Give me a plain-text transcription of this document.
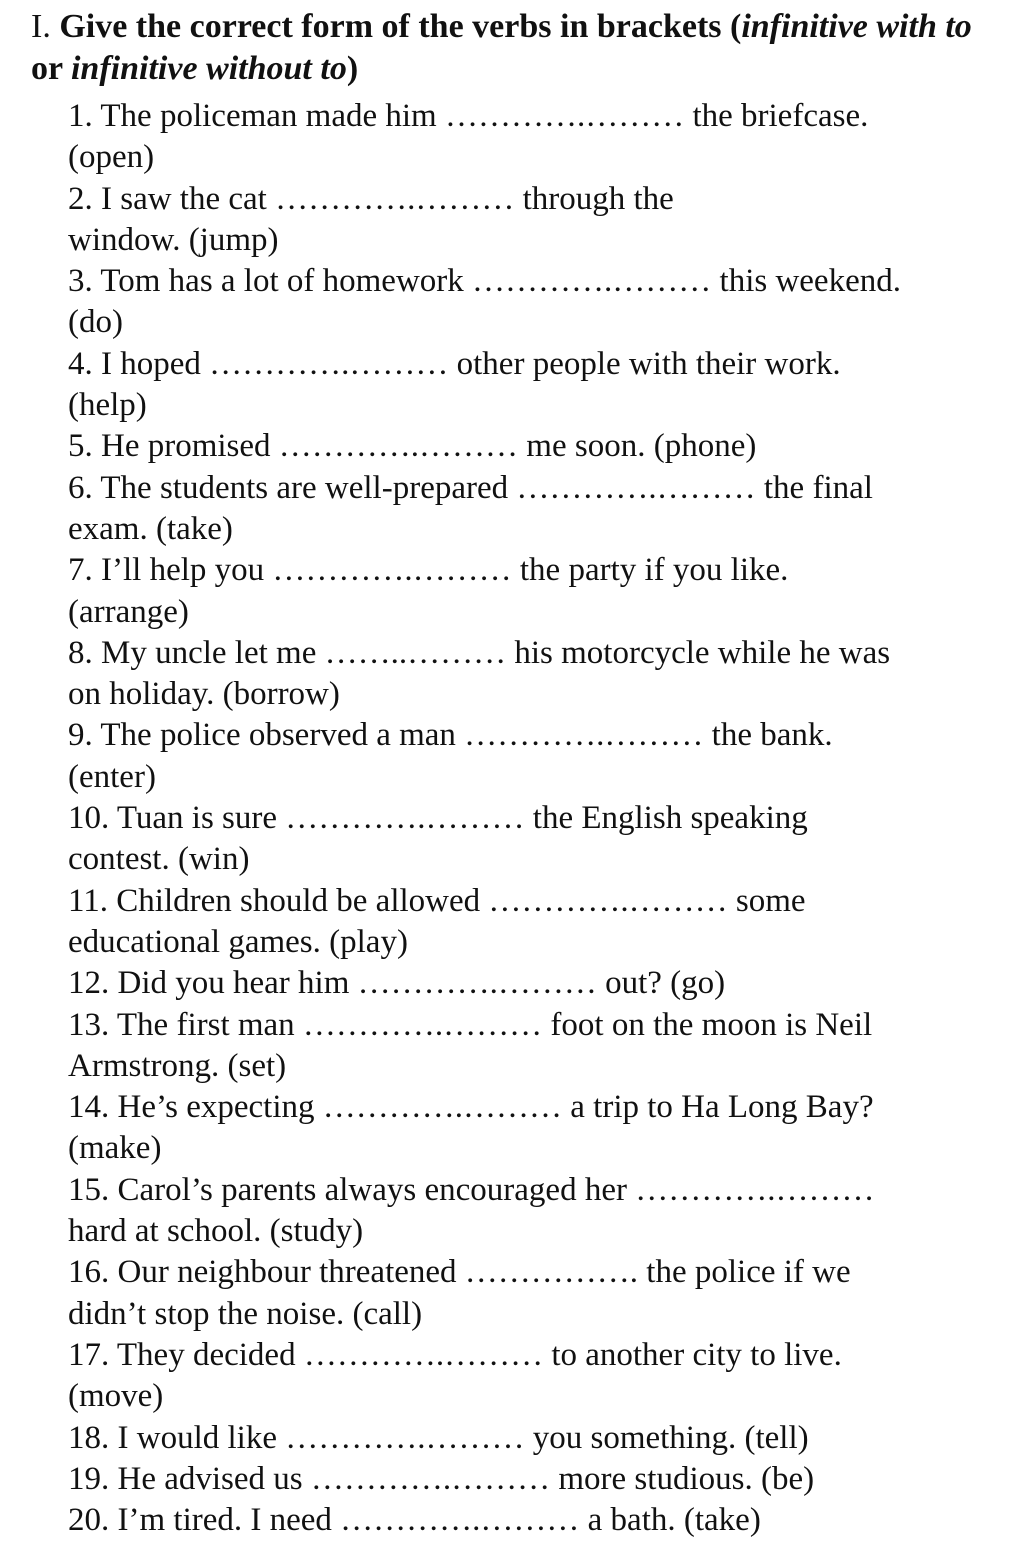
I. Give the correct form of the verbs in brackets (infinitive with to or infinitive without to)
1. The policeman made him ………….……… the briefcase.
(open)
2. I saw the cat ………….……… through the
window. (jump)
3. Tom has a lot of homework ………….……… this weekend.
(do)
4. I hoped ………….……… other people with their work.
(help)
5. He promised ………….……… me soon. (phone)
6. The students are well-prepared ………….……… the final
exam. (take)
7. I’ll help you ………….……… the party if you like.
(arrange)
8. My uncle let me ……..……… his motorcycle while he was
on holiday. (borrow)
9. The police observed a man ………….……… the bank.
(enter)
10. Tuan is sure ………….……… the English speaking
contest. (win)
11. Children should be allowed ………….……… some
educational games. (play)
12. Did you hear him ………….……… out? (go)
13. The first man ………….……… foot on the moon is Neil
Armstrong. (set)
14. He’s expecting ………….……… a trip to Ha Long Bay?
(make)
15. Carol’s parents always encouraged her ………….………
hard at school. (study)
16. Our neighbour threatened ……………. the police if we
didn’t stop the noise. (call)
17. They decided ………….……… to another city to live.
(move)
18. I would like ………….……… you something. (tell)
19. He advised us ………….……… more studious. (be)
20. I’m tired. I need ………….……… a bath. (take)
